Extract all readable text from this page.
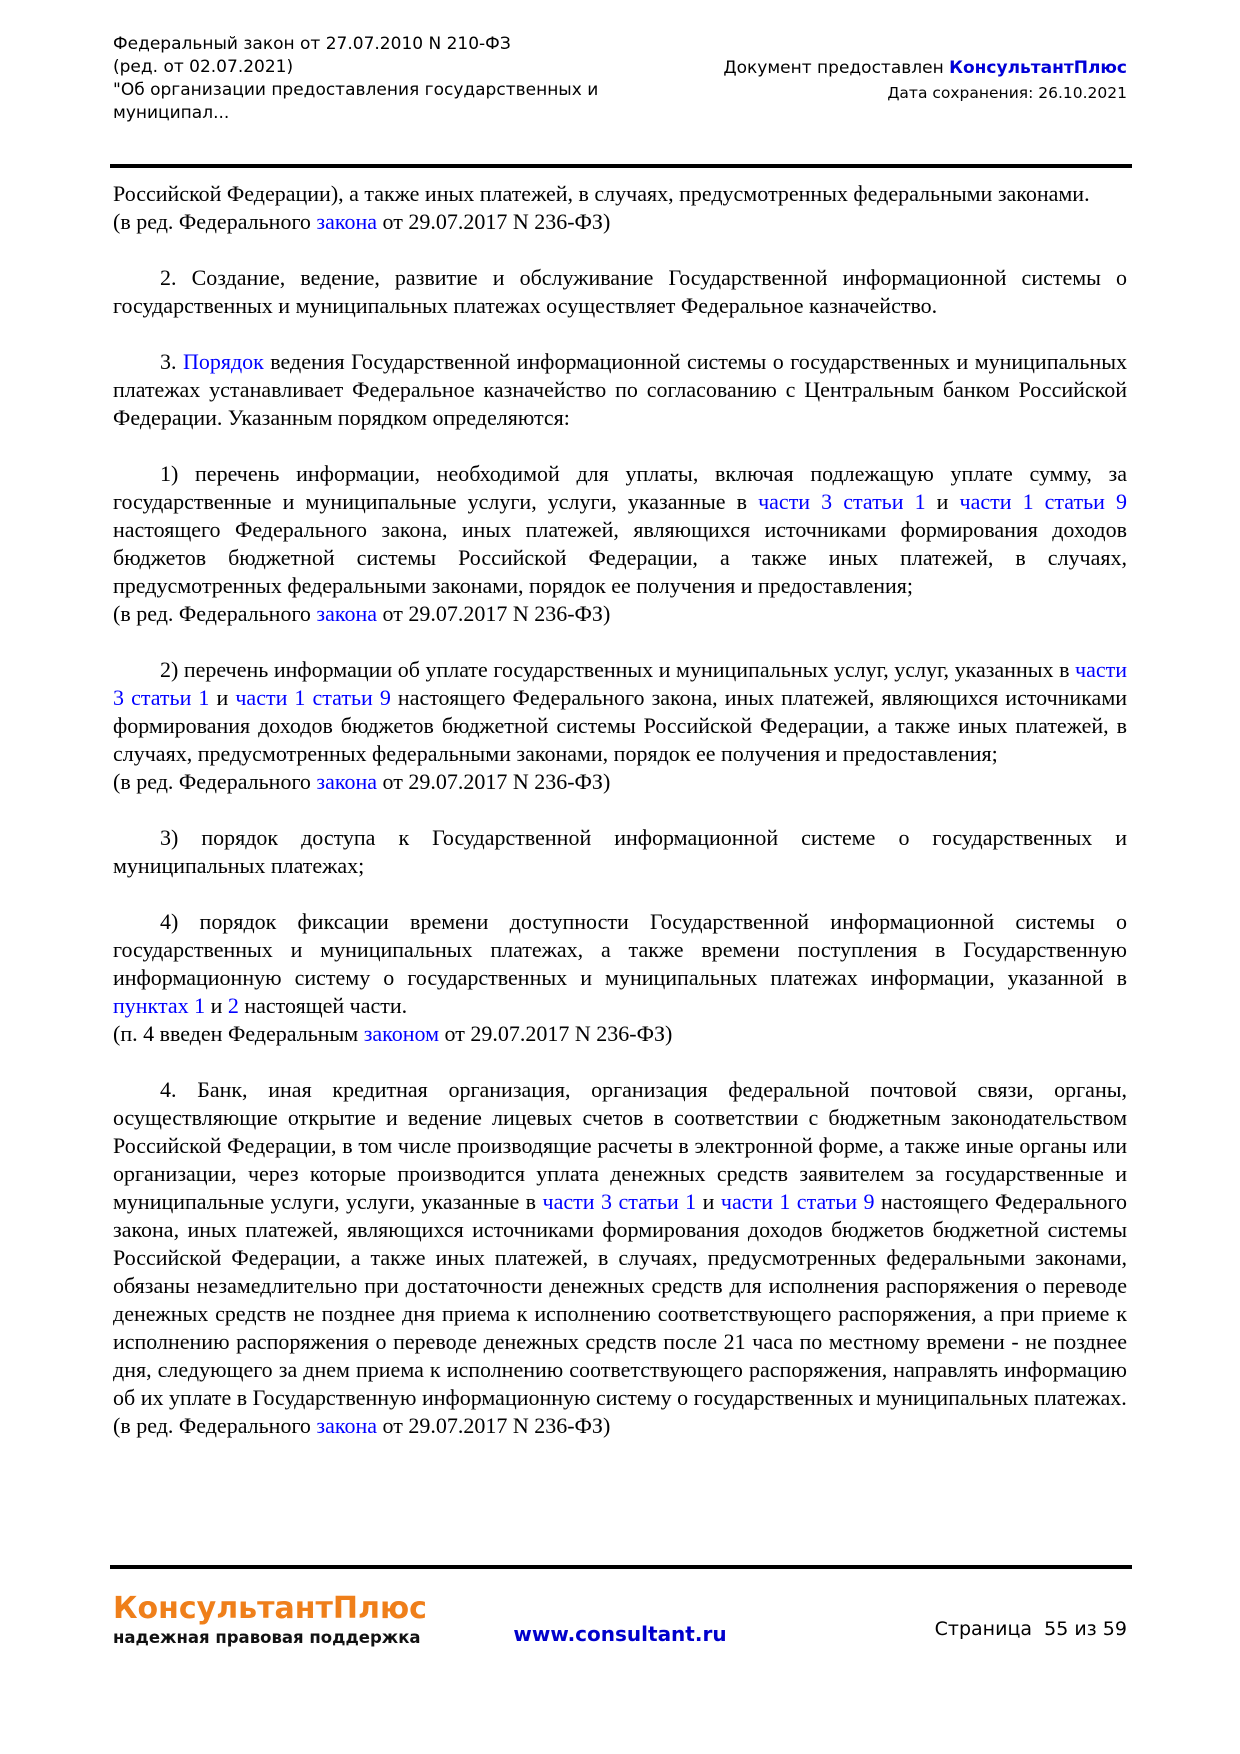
Федеральный закон от 27.07.2010 N 210-ФЗ
(ред. от 02.07.2021)
"Об организации предоставления государственных и
муниципал...
Документ предоставлен КонсультантПлюс
Дата сохранения: 26.10.2021

Российской Федерации), а также иных платежей, в случаях, предусмотренных федеральными законами.

(в ред. Федерального закона от 29.07.2017 N 236-ФЗ)

2. Создание, ведение, развитие и обслуживание Государственной информационной системы о государственных и муниципальных платежах осуществляет Федеральное казначейство.

3. Порядок ведения Государственной информационной системы о государственных и муниципальных платежах устанавливает Федеральное казначейство по согласованию с Центральным банком Российской Федерации. Указанным порядком определяются:

1) перечень информации, необходимой для уплаты, включая подлежащую уплате сумму, за государственные и муниципальные услуги, услуги, указанные в части 3 статьи 1 и части 1 статьи 9 настоящего Федерального закона, иных платежей, являющихся источниками формирования доходов бюджетов бюджетной системы Российской Федерации, а также иных платежей, в случаях, предусмотренных федеральными законами, порядок ее получения и предоставления;

(в ред. Федерального закона от 29.07.2017 N 236-ФЗ)

2) перечень информации об уплате государственных и муниципальных услуг, услуг, указанных в части 3 статьи 1 и части 1 статьи 9 настоящего Федерального закона, иных платежей, являющихся источниками формирования доходов бюджетов бюджетной системы Российской Федерации, а также иных платежей, в случаях, предусмотренных федеральными законами, порядок ее получения и предоставления;

(в ред. Федерального закона от 29.07.2017 N 236-ФЗ)

3) порядок доступа к Государственной информационной системе о государственных и муниципальных платежах;

4) порядок фиксации времени доступности Государственной информационной системы о государственных и муниципальных платежах, а также времени поступления в Государственную информационную систему о государственных и муниципальных платежах информации, указанной в пунктах 1 и 2 настоящей части.

(п. 4 введен Федеральным законом от 29.07.2017 N 236-ФЗ)

4. Банк, иная кредитная организация, организация федеральной почтовой связи, органы, осуществляющие открытие и ведение лицевых счетов в соответствии с бюджетным законодательством Российской Федерации, в том числе производящие расчеты в электронной форме, а также иные органы или организации, через которые производится уплата денежных средств заявителем за государственные и муниципальные услуги, услуги, указанные в части 3 статьи 1 и части 1 статьи 9 настоящего Федерального закона, иных платежей, являющихся источниками формирования доходов бюджетов бюджетной системы Российской Федерации, а также иных платежей, в случаях, предусмотренных федеральными законами, обязаны незамедлительно при достаточности денежных средств для исполнения распоряжения о переводе денежных средств не позднее дня приема к исполнению соответствующего распоряжения, а при приеме к исполнению распоряжения о переводе денежных средств после 21 часа по местному времени - не позднее дня, следующего за днем приема к исполнению соответствующего распоряжения, направлять информацию об их уплате в Государственную информационную систему о государственных и муниципальных платежах.

(в ред. Федерального закона от 29.07.2017 N 236-ФЗ)

КонсультантПлюс
надежная правовая поддержка	www.consultant.ru	Страница  55 из 59
